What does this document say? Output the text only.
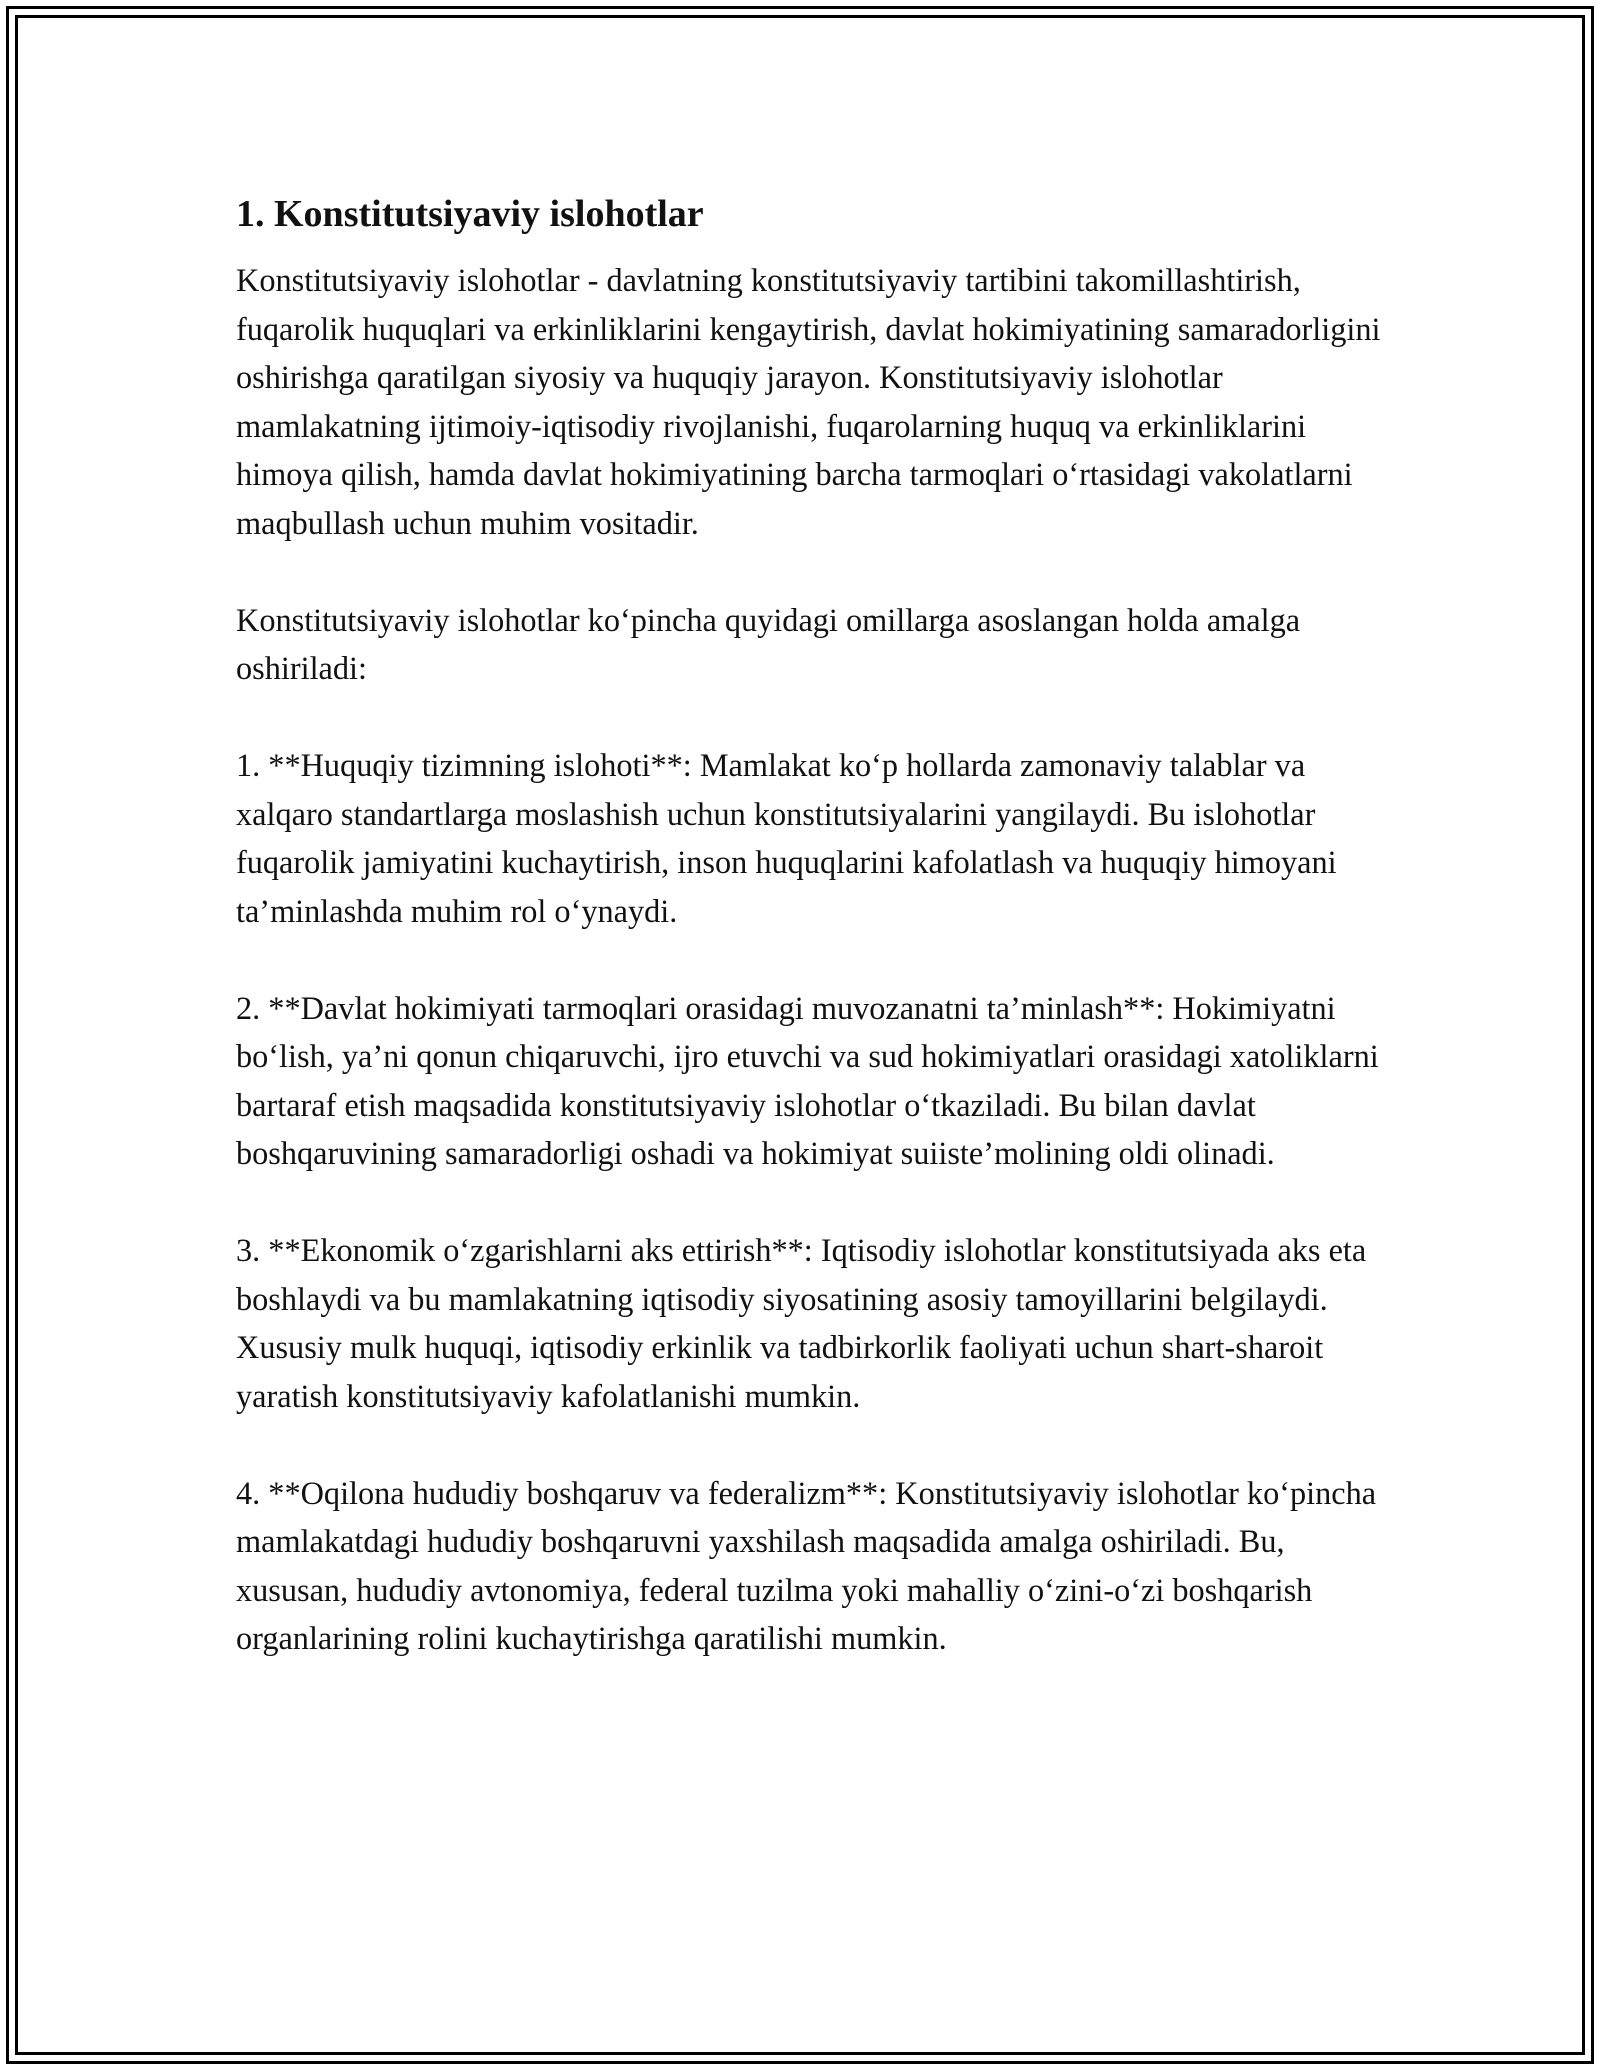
1. Konstitutsiyaviy islohotlar

Konstitutsiyaviy islohotlar - davlatning konstitutsiyaviy tartibini takomillashtirish, fuqarolik huquqlari va erkinliklarini kengaytirish, davlat hokimiyatining samaradorligini oshirishga qaratilgan siyosiy va huquqiy jarayon. Konstitutsiyaviy islohotlar mamlakatning ijtimoiy-iqtisodiy rivojlanishi, fuqarolarning huquq va erkinliklarini himoya qilish, hamda davlat hokimiyatining barcha tarmoqlari oʻrtasidagi vakolatlarni maqbullash uchun muhim vositadir.

Konstitutsiyaviy islohotlar koʻpincha quyidagi omillarga asoslangan holda amalga oshiriladi:

1. **Huquqiy tizimning islohoti**: Mamlakat koʻp hollarda zamonaviy talablar va xalqaro standartlarga moslashish uchun konstitutsiyalarini yangilaydi. Bu islohotlar fuqarolik jamiyatini kuchaytirish, inson huquqlarini kafolatlash va huquqiy himoyani ta’minlashda muhim rol oʻynaydi.

2. **Davlat hokimiyati tarmoqlari orasidagi muvozanatni ta’minlash**: Hokimiyatni boʻlish, ya’ni qonun chiqaruvchi, ijro etuvchi va sud hokimiyatlari orasidagi xatoliklarni bartaraf etish maqsadida konstitutsiyaviy islohotlar oʻtkaziladi. Bu bilan davlat boshqaruvining samaradorligi oshadi va hokimiyat suiiste’molining oldi olinadi.

3. **Ekonomik oʻzgarishlarni aks ettirish**: Iqtisodiy islohotlar konstitutsiyada aks eta boshlaydi va bu mamlakatning iqtisodiy siyosatining asosiy tamoyillarini belgilaydi. Xususiy mulk huquqi, iqtisodiy erkinlik va tadbirkorlik faoliyati uchun shart-sharoit yaratish konstitutsiyaviy kafolatlanishi mumkin.

4. **Oqilona hududiy boshqaruv va federalizm**: Konstitutsiyaviy islohotlar koʻpincha mamlakatdagi hududiy boshqaruvni yaxshilash maqsadida amalga oshiriladi. Bu, xususan, hududiy avtonomiya, federal tuzilma yoki mahalliy oʻzini-oʻzi boshqarish organlarining rolini kuchaytirishga qaratilishi mumkin.
